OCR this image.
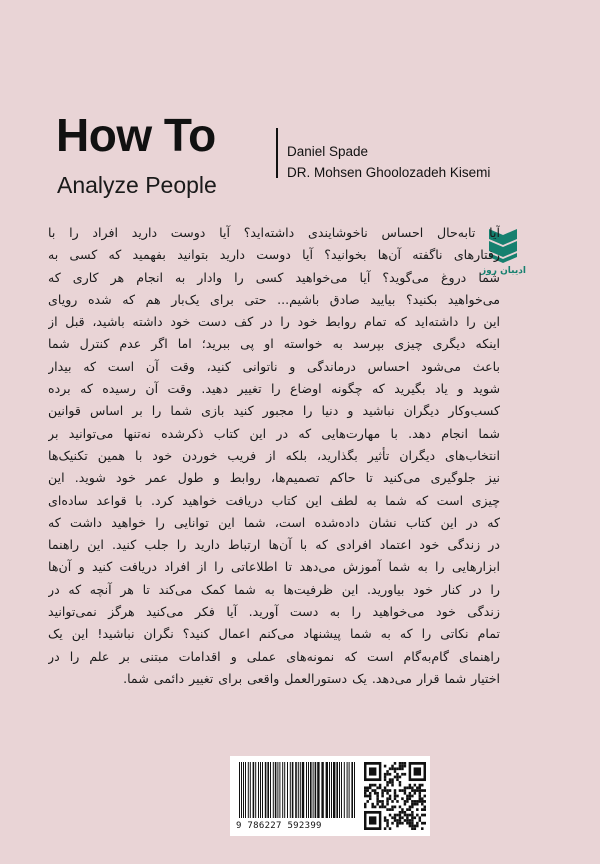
How To
Analyze People
Daniel Spade
DR. Mohsen Ghoolozadeh Kisemi
ادیبان روز
آیا تابه‌حال احساس ناخوشایندی داشته‌اید؟ آیا دوست دارید افراد را با
رفتارهای ناگفته آن‌ها بخوانید؟ آیا دوست دارید بتوانید بفهمید که کسی به
شما دروغ می‌گوید؟ آیا می‌خواهید کسی را وادار به انجام هر کاری که
می‌خواهید بکنید؟ بیایید صادق باشیم... حتی برای یک‌بار هم که شده رویای
این را داشته‌اید که تمام روابط خود را در کف دست خود داشته باشید، قبل از
اینکه دیگری چیزی بپرسد به خواسته او پی ببرید؛ اما اگر عدم کنترل شما
باعث می‌شود احساس درماندگی و ناتوانی کنید، وقت آن است که بیدار
شوید و یاد بگیرید که چگونه اوضاع را تغییر دهید. وقت آن رسیده که برده
کسب‌وکار دیگران نباشید و دنیا را مجبور کنید بازی شما را بر اساس قوانین
شما انجام دهد. با مهارت‌هایی که در این کتاب ذکرشده نه‌تنها می‌توانید بر
انتخاب‌های دیگران تأثیر بگذارید، بلکه از فریب خوردن خود با همین تکنیک‌ها
نیز جلوگیری می‌کنید تا حاکم تصمیم‌ها، روابط و طول عمر خود شوید. این
چیزی است که شما به لطف این کتاب دریافت خواهید کرد. با قواعد ساده‌ای
که در این کتاب نشان داده‌شده است، شما این توانایی را خواهید داشت که
در زندگی خود اعتماد افرادی که با آن‌ها ارتباط دارید را جلب کنید. این راهنما
ابزارهایی را به شما آموزش می‌دهد تا اطلاعاتی را از افراد دریافت کنید و آن‌ها
را در کنار خود بیاورید. این ظرفیت‌ها به شما کمک می‌کند تا هر آنچه که در
زندگی خود می‌خواهید را به دست آورید. آیا فکر می‌کنید هرگز نمی‌توانید
تمام نکاتی را که به شما پیشنهاد می‌کنم اعمال کنید؟ نگران نباشید! این یک
راهنمای گام‌به‌گام است که نمونه‌های عملی و اقدامات مبتنی بر علم را در
اختیار شما قرار می‌دهد. یک دستورالعمل واقعی برای تغییر دائمی شما.
9 786227 592399
